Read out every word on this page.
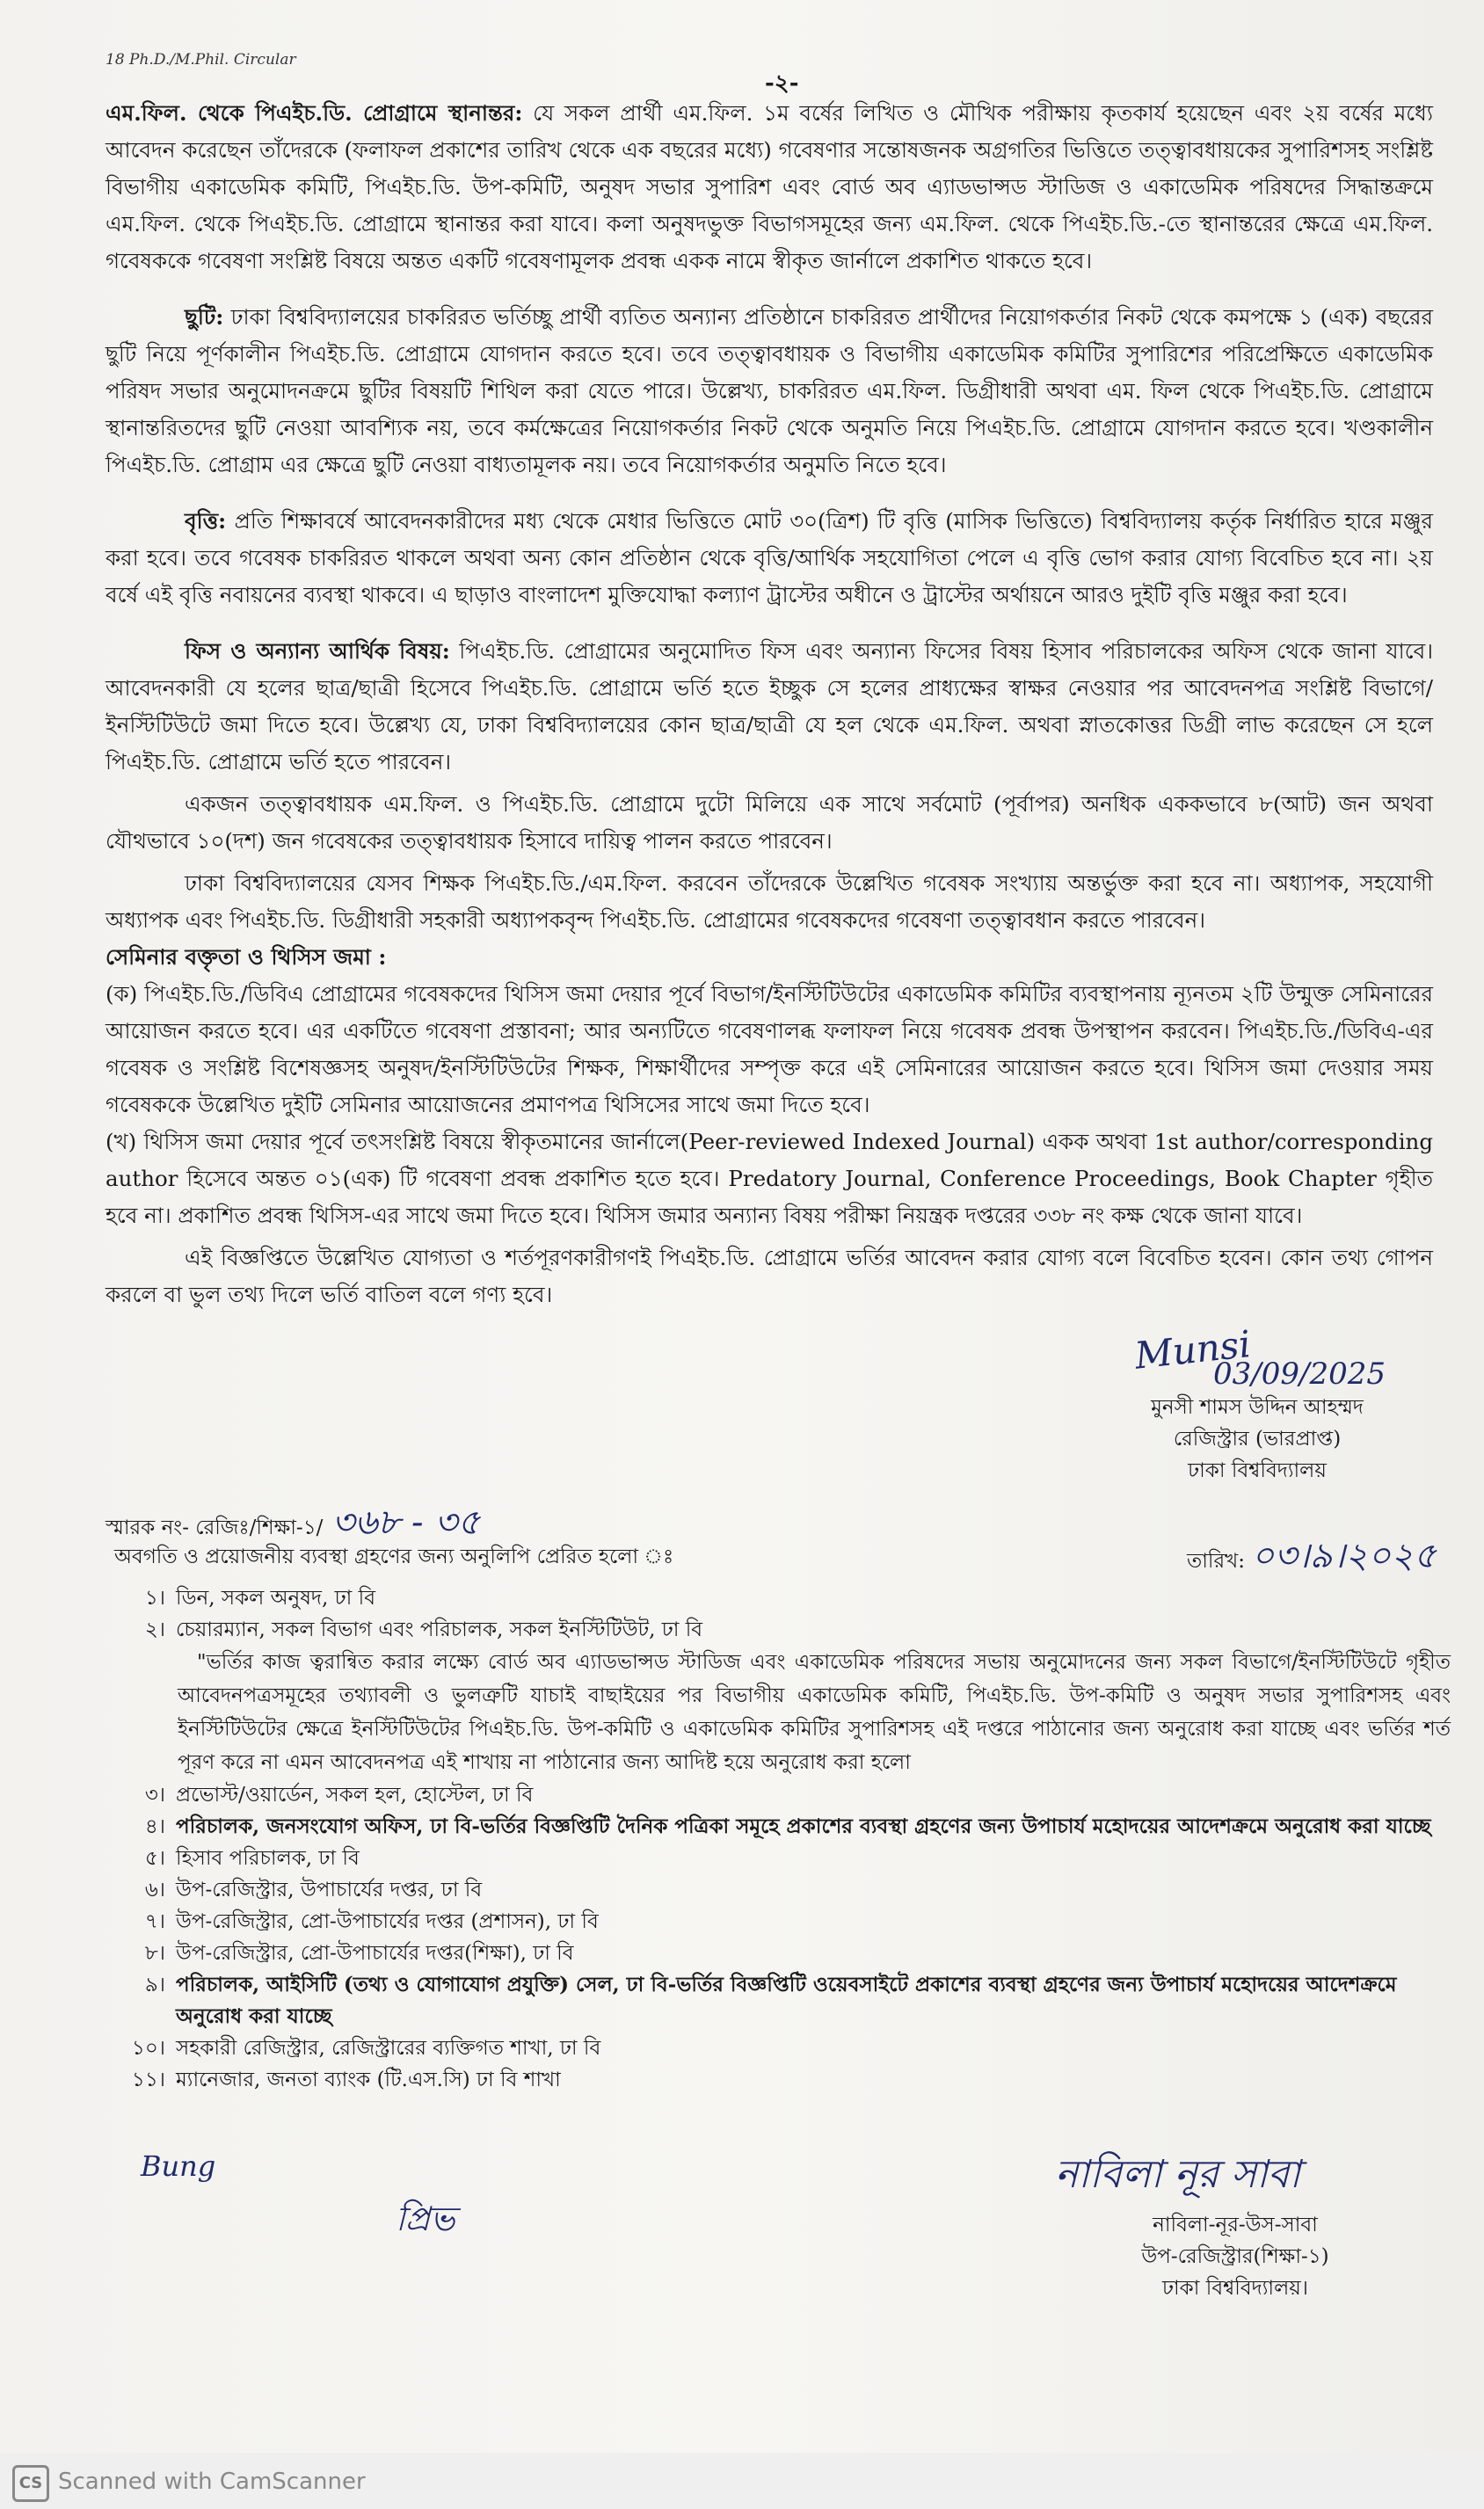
18 Ph.D./M.Phil. Circular
-২-

এম.ফিল. থেকে পিএইচ.ডি. প্রোগ্রামে স্থানান্তর: যে সকল প্রার্থী এম.ফিল. ১ম বর্ষের লিখিত ও মৌখিক পরীক্ষায় কৃতকার্য হয়েছেন এবং ২য় বর্ষের মধ্যে আবেদন করেছেন তাঁদেরকে (ফলাফল প্রকাশের তারিখ থেকে এক বছরের মধ্যে) গবেষণার সন্তোষজনক অগ্রগতির ভিত্তিতে তত্ত্বাবধায়কের সুপারিশসহ সংশ্লিষ্ট বিভাগীয় একাডেমিক কমিটি, পিএইচ.ডি. উপ-কমিটি, অনুষদ সভার সুপারিশ এবং বোর্ড অব এ্যাডভান্সড স্টাডিজ ও একাডেমিক পরিষদের সিদ্ধান্তক্রমে এম.ফিল. থেকে পিএইচ.ডি. প্রোগ্রামে স্থানান্তর করা যাবে। কলা অনুষদভুক্ত বিভাগসমূহের জন্য এম.ফিল. থেকে পিএইচ.ডি.-তে স্থানান্তরের ক্ষেত্রে এম.ফিল. গবেষককে গবেষণা সংশ্লিষ্ট বিষয়ে অন্তত একটি গবেষণামূলক প্রবন্ধ একক নামে স্বীকৃত জার্নালে প্রকাশিত থাকতে হবে।

ছুটি: ঢাকা বিশ্ববিদ্যালয়ের চাকরিরত ভর্তিচ্ছু প্রার্থী ব্যতিত অন্যান্য প্রতিষ্ঠানে চাকরিরত প্রার্থীদের নিয়োগকর্তার নিকট থেকে কমপক্ষে ১ (এক) বছরের ছুটি নিয়ে পূর্ণকালীন পিএইচ.ডি. প্রোগ্রামে যোগদান করতে হবে। তবে তত্ত্বাবধায়ক ও বিভাগীয় একাডেমিক কমিটির সুপারিশের পরিপ্রেক্ষিতে একাডেমিক পরিষদ সভার অনুমোদনক্রমে ছুটির বিষয়টি শিথিল করা যেতে পারে। উল্লেখ্য, চাকরিরত এম.ফিল. ডিগ্রীধারী অথবা এম. ফিল থেকে পিএইচ.ডি. প্রোগ্রামে স্থানান্তরিতদের ছুটি নেওয়া আবশ্যিক নয়, তবে কর্মক্ষেত্রের নিয়োগকর্তার নিকট থেকে অনুমতি নিয়ে পিএইচ.ডি. প্রোগ্রামে যোগদান করতে হবে। খণ্ডকালীন পিএইচ.ডি. প্রোগ্রাম এর ক্ষেত্রে ছুটি নেওয়া বাধ্যতামূলক নয়। তবে নিয়োগকর্তার অনুমতি নিতে হবে।

বৃত্তি: প্রতি শিক্ষাবর্ষে আবেদনকারীদের মধ্য থেকে মেধার ভিত্তিতে মোট ৩০(ত্রিশ) টি বৃত্তি (মাসিক ভিত্তিতে) বিশ্ববিদ্যালয় কর্তৃক নির্ধারিত হারে মঞ্জুর করা হবে। তবে গবেষক চাকরিরত থাকলে অথবা অন্য কোন প্রতিষ্ঠান থেকে বৃত্তি/আর্থিক সহযোগিতা পেলে এ বৃত্তি ভোগ করার যোগ্য বিবেচিত হবে না। ২য় বর্ষে এই বৃত্তি নবায়নের ব্যবস্থা থাকবে। এ ছাড়াও বাংলাদেশ মুক্তিযোদ্ধা কল্যাণ ট্রাস্টের অধীনে ও ট্রাস্টের অর্থায়নে আরও দুইটি বৃত্তি মঞ্জুর করা হবে।

ফিস ও অন্যান্য আর্থিক বিষয়: পিএইচ.ডি. প্রোগ্রামের অনুমোদিত ফিস এবং অন্যান্য ফিসের বিষয় হিসাব পরিচালকের অফিস থেকে জানা যাবে। আবেদনকারী যে হলের ছাত্র/ছাত্রী হিসেবে পিএইচ.ডি. প্রোগ্রামে ভর্তি হতে ইচ্ছুক সে হলের প্রাধ্যক্ষের স্বাক্ষর নেওয়ার পর আবেদনপত্র সংশ্লিষ্ট বিভাগে/ইনস্টিটিউটে জমা দিতে হবে। উল্লেখ্য যে, ঢাকা বিশ্ববিদ্যালয়ের কোন ছাত্র/ছাত্রী যে হল থেকে এম.ফিল. অথবা স্নাতকোত্তর ডিগ্রী লাভ করেছেন সে হলে পিএইচ.ডি. প্রোগ্রামে ভর্তি হতে পারবেন।

একজন তত্ত্বাবধায়ক এম.ফিল. ও পিএইচ.ডি. প্রোগ্রামে দুটো মিলিয়ে এক সাথে সর্বমোট (পূর্বাপর) অনধিক এককভাবে ৮(আট) জন অথবা যৌথভাবে ১০(দশ) জন গবেষকের তত্ত্বাবধায়ক হিসাবে দায়িত্ব পালন করতে পারবেন।

ঢাকা বিশ্ববিদ্যালয়ের যেসব শিক্ষক পিএইচ.ডি./এম.ফিল. করবেন তাঁদেরকে উল্লেখিত গবেষক সংখ্যায় অন্তর্ভুক্ত করা হবে না। অধ্যাপক, সহযোগী অধ্যাপক এবং পিএইচ.ডি. ডিগ্রীধারী সহকারী অধ্যাপকবৃন্দ পিএইচ.ডি. প্রোগ্রামের গবেষকদের গবেষণা তত্ত্বাবধান করতে পারবেন।

সেমিনার বক্তৃতা ও থিসিস জমা :

(ক) পিএইচ.ডি./ডিবিএ প্রোগ্রামের গবেষকদের থিসিস জমা দেয়ার পূর্বে বিভাগ/ইনস্টিটিউটের একাডেমিক কমিটির ব্যবস্থাপনায় ন্যূনতম ২টি উন্মুক্ত সেমিনারের আয়োজন করতে হবে। এর একটিতে গবেষণা প্রস্তাবনা; আর অন্যটিতে গবেষণালব্ধ ফলাফল নিয়ে গবেষক প্রবন্ধ উপস্থাপন করবেন। পিএইচ.ডি./ডিবিএ-এর গবেষক ও সংশ্লিষ্ট বিশেষজ্ঞসহ অনুষদ/ইনস্টিটিউটের শিক্ষক, শিক্ষার্থীদের সম্পৃক্ত করে এই সেমিনারের আয়োজন করতে হবে। থিসিস জমা দেওয়ার সময় গবেষককে উল্লেখিত দুইটি সেমিনার আয়োজনের প্রমাণপত্র থিসিসের সাথে জমা দিতে হবে।

(খ) থিসিস জমা দেয়ার পূর্বে তৎসংশ্লিষ্ট বিষয়ে স্বীকৃতমানের জার্নালে(Peer-reviewed Indexed Journal) একক অথবা 1st author/corresponding author হিসেবে অন্তত ০১(এক) টি গবেষণা প্রবন্ধ প্রকাশিত হতে হবে। Predatory Journal, Conference Proceedings, Book Chapter গৃহীত হবে না। প্রকাশিত প্রবন্ধ থিসিস-এর সাথে জমা দিতে হবে। থিসিস জমার অন্যান্য বিষয় পরীক্ষা নিয়ন্ত্রক দপ্তরের ৩৩৮ নং কক্ষ থেকে জানা যাবে।

এই বিজ্ঞপ্তিতে উল্লেখিত যোগ্যতা ও শর্তপূরণকারীগণই পিএইচ.ডি. প্রোগ্রামে ভর্তির আবেদন করার যোগ্য বলে বিবেচিত হবেন। কোন তথ্য গোপন করলে বা ভুল তথ্য দিলে ভর্তি বাতিল বলে গণ্য হবে।

Munsi
03/09/2025
মুনসী শামস উদ্দিন আহম্মদ
রেজিস্ট্রার (ভারপ্রাপ্ত)
ঢাকা বিশ্ববিদ্যালয়
স্মারক নং- রেজিঃ/শিক্ষা-১/ ৩৬৮ - ৩৫
তারিখ: ০৩।৯।২০২৫
অবগতি ও প্রয়োজনীয় ব্যবস্থা গ্রহণের জন্য অনুলিপি প্রেরিত হলো ঃ
১। ডিন, সকল অনুষদ, ঢা বি
২। চেয়ারম্যান, সকল বিভাগ এবং পরিচালক, সকল ইনস্টিটিউট, ঢা বি
"ভর্তির কাজ ত্বরান্বিত করার লক্ষ্যে বোর্ড অব এ্যাডভান্সড স্টাডিজ এবং একাডেমিক পরিষদের সভায় অনুমোদনের জন্য সকল বিভাগে/ইনস্টিটিউটে গৃহীত আবেদনপত্রসমূহের তথ্যাবলী ও ভুলত্রুটি যাচাই বাছাইয়ের পর বিভাগীয় একাডেমিক কমিটি, পিএইচ.ডি. উপ-কমিটি ও অনুষদ সভার সুপারিশসহ এবং ইনস্টিটিউটের ক্ষেত্রে ইনস্টিটিউটের পিএইচ.ডি. উপ-কমিটি ও একাডেমিক কমিটির সুপারিশসহ এই দপ্তরে পাঠানোর জন্য অনুরোধ করা যাচ্ছে এবং ভর্তির শর্ত পূরণ করে না এমন আবেদনপত্র এই শাখায় না পাঠানোর জন্য আদিষ্ট হয়ে অনুরোধ করা হলো
৩। প্রভোস্ট/ওয়ার্ডেন, সকল হল, হোস্টেল, ঢা বি
৪। পরিচালক, জনসংযোগ অফিস, ঢা বি-ভর্তির বিজ্ঞপ্তিটি দৈনিক পত্রিকা সমূহে প্রকাশের ব্যবস্থা গ্রহণের জন্য উপাচার্য মহোদয়ের আদেশক্রমে অনুরোধ করা যাচ্ছে
৫। হিসাব পরিচালক, ঢা বি
৬। উপ-রেজিস্ট্রার, উপাচার্যের দপ্তর, ঢা বি
৭। উপ-রেজিস্ট্রার, প্রো-উপাচার্যের দপ্তর (প্রশাসন), ঢা বি
৮। উপ-রেজিস্ট্রার, প্রো-উপাচার্যের দপ্তর(শিক্ষা), ঢা বি
৯। পরিচালক, আইসিটি (তথ্য ও যোগাযোগ প্রযুক্তি) সেল, ঢা বি-ভর্তির বিজ্ঞপ্তিটি ওয়েবসাইটে প্রকাশের ব্যবস্থা গ্রহণের জন্য উপাচার্য মহোদয়ের আদেশক্রমে অনুরোধ করা যাচ্ছে
১০। সহকারী রেজিস্ট্রার, রেজিস্ট্রারের ব্যক্তিগত শাখা, ঢা বি
১১। ম্যানেজার, জনতা ব্যাংক (টি.এস.সি) ঢা বি শাখা
Bung
প্রিভ
নাবিলা নূর সাবা
নাবিলা-নূর-উস-সাবা
উপ-রেজিস্ট্রার(শিক্ষা-১)
ঢাকা বিশ্ববিদ্যালয়।
CS Scanned with CamScanner
